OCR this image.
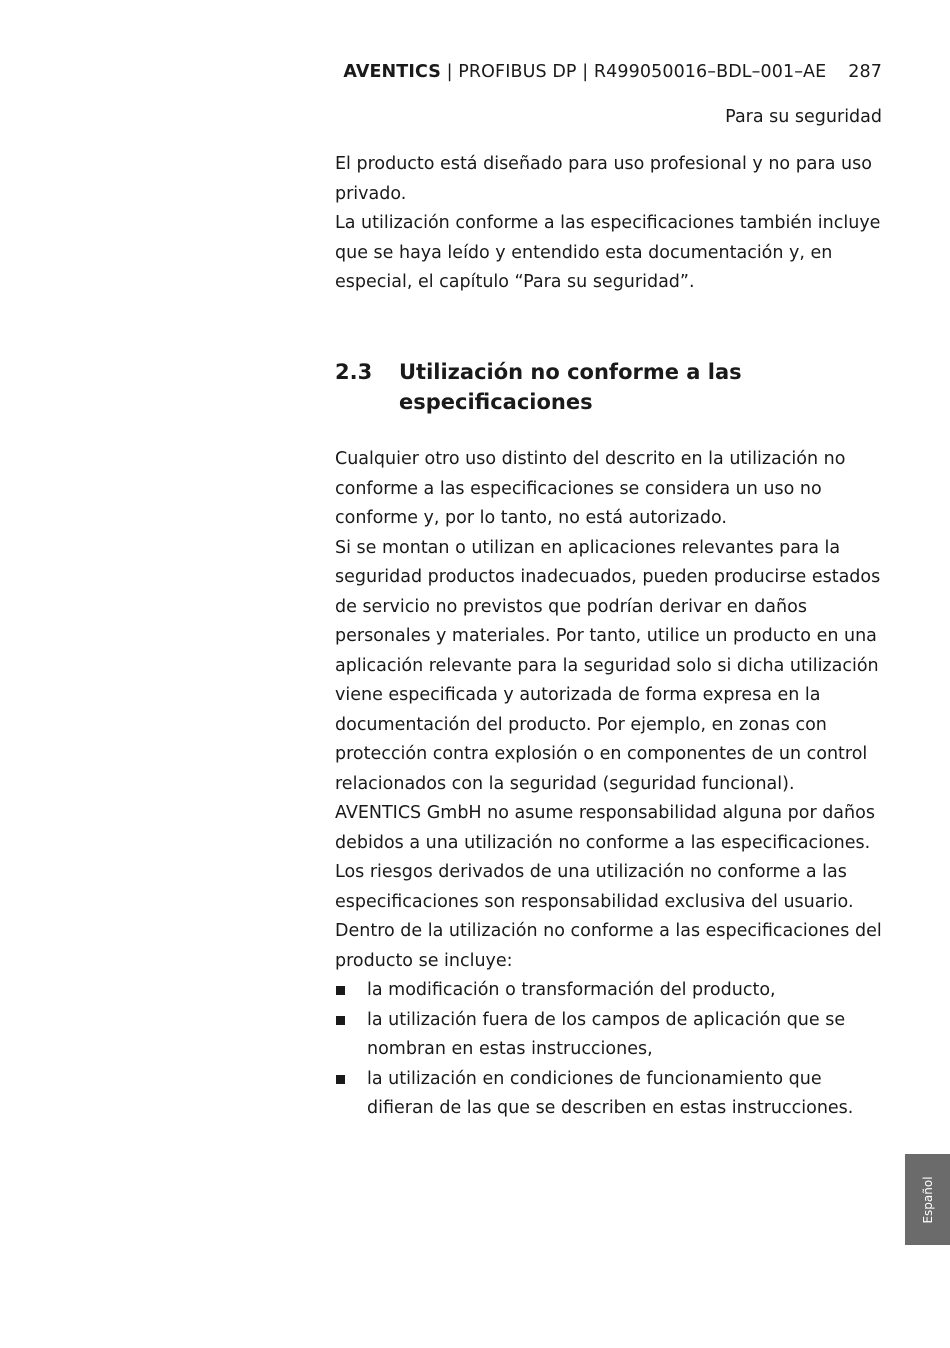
AVENTICS | PROFIBUS DP | R499050016–BDL–001–AE 287
Para su seguridad

El producto está diseñado para uso profesional y no para uso privado.

La utilización conforme a las especificaciones también incluye que se haya leído y entendido esta documentación y, en especial, el capítulo “Para su seguridad”.

2.3	Utilización no conforme a las especificaciones

Cualquier otro uso distinto del descrito en la utilización no conforme a las especificaciones se considera un uso no conforme y, por lo tanto, no está autorizado.

Si se montan o utilizan en aplicaciones relevantes para la seguridad productos inadecuados, pueden producirse estados de servicio no previstos que podrían derivar en daños personales y materiales. Por tanto, utilice un producto en una aplicación relevante para la seguridad solo si dicha utilización viene especificada y autorizada de forma expresa en la documentación del producto. Por ejemplo, en zonas con protección contra explosión o en componentes de un control relacionados con la seguridad (seguridad funcional).

AVENTICS GmbH no asume responsabilidad alguna por daños debidos a una utilización no conforme a las especificaciones. Los riesgos derivados de una utilización no conforme a las especificaciones son responsabilidad exclusiva del usuario.

Dentro de la utilización no conforme a las especificaciones del producto se incluye:

la modificación o transformación del producto,
la utilización fuera de los campos de aplicación que se nombran en estas instrucciones,
la utilización en condiciones de funcionamiento que difieran de las que se describen en estas instrucciones.
Español
